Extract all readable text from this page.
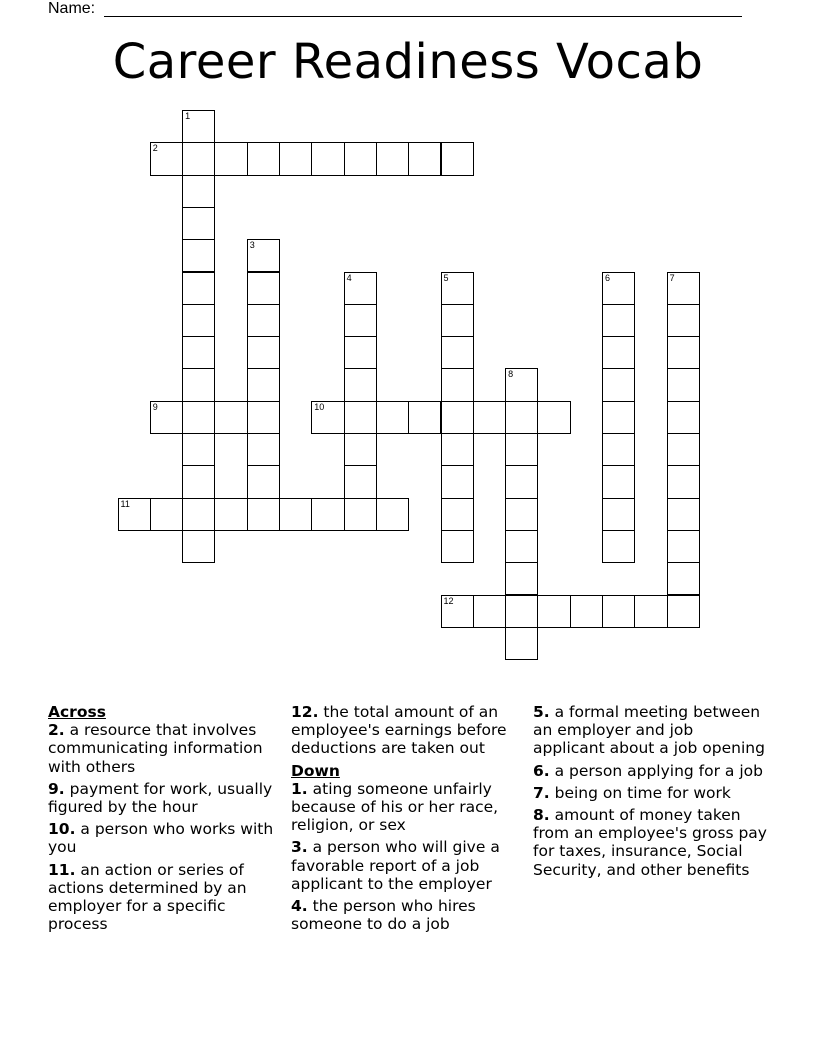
Name:
Career Readiness Vocab
2
9	10
11
12
1
3
4	5	6	7
8
Across
2. a resource that involves communicating information with others
9. payment for work, usually figured by the hour
10. a person who works with you
11. an action or series of actions determined by an employer for a specific process
12. the total amount of an employee's earnings before deductions are taken out
Down
1. ating someone unfairly because of his or her race, religion, or sex
3. a person who will give a favorable report of a job applicant to the employer
4. the person who hires someone to do a job
5. a formal meeting between an employer and job applicant about a job opening
6. a person applying for a job
7. being on time for work
8. amount of money taken from an employee's gross pay for taxes, insurance, Social Security, and other benefits
